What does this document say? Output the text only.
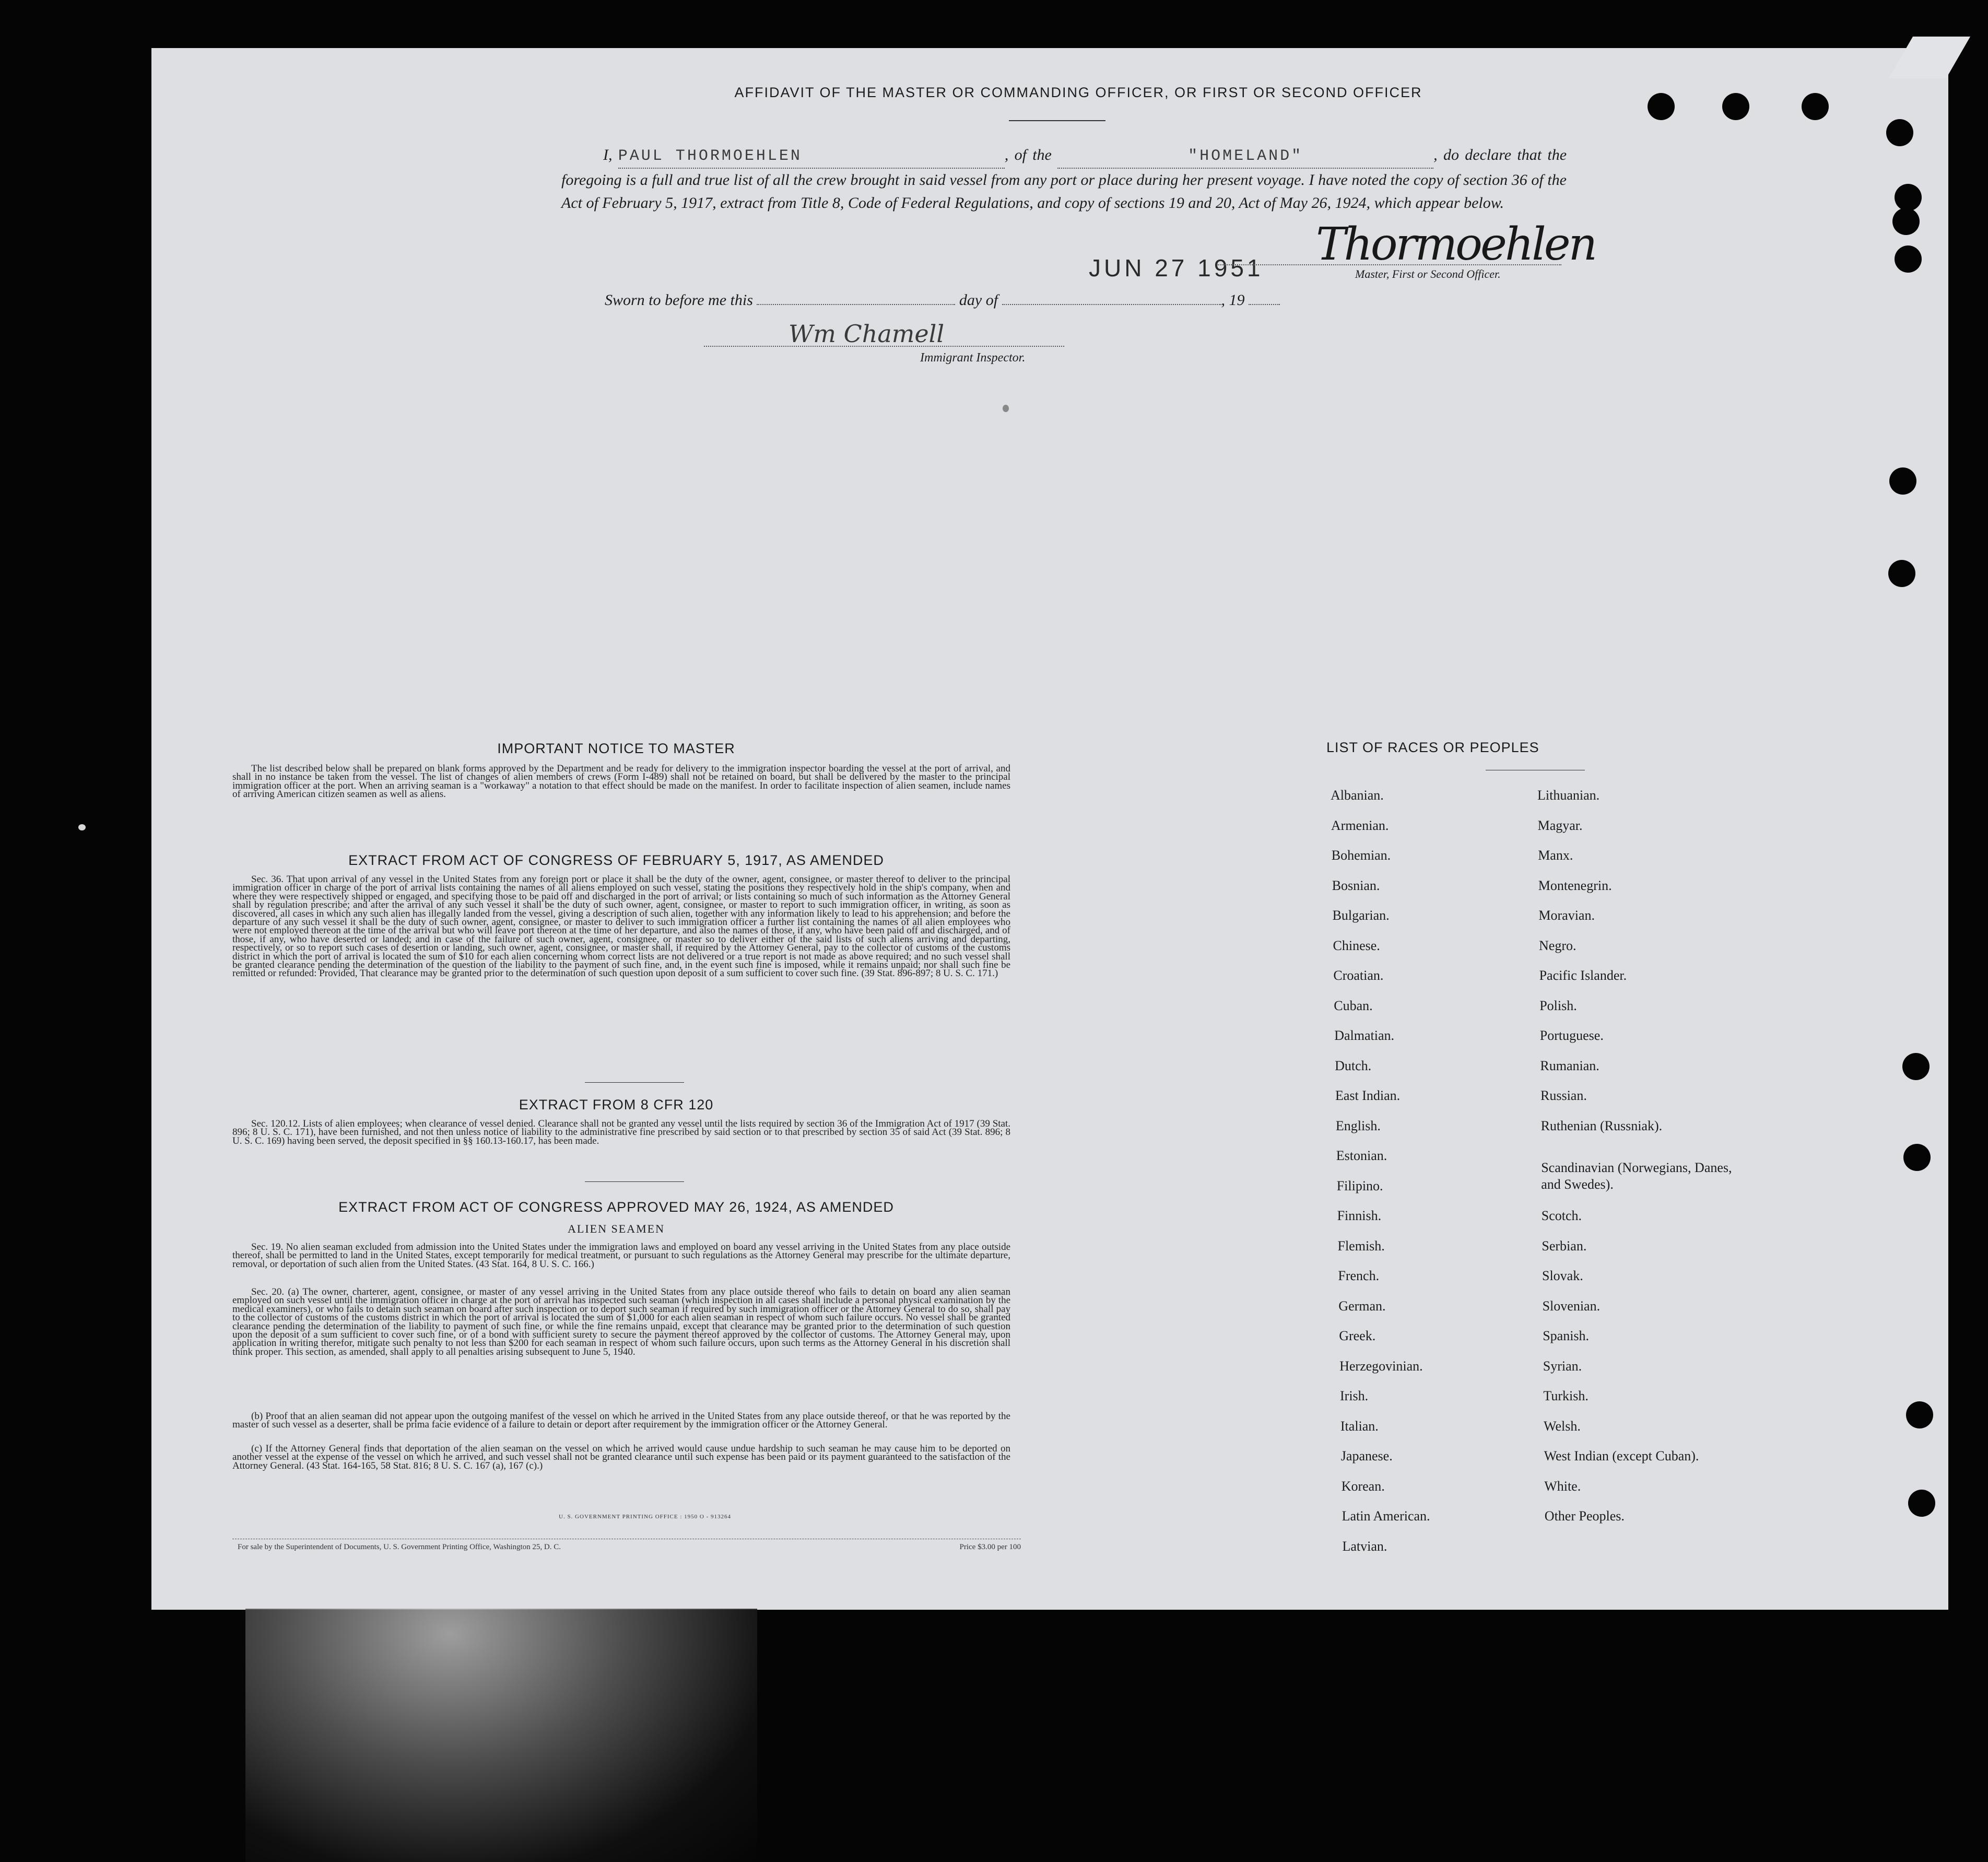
AFFIDAVIT OF THE MASTER OR COMMANDING OFFICER, OR FIRST OR SECOND OFFICER
I, PAUL THORMOEHLEN	, of the	"HOMELAND"	, do declare that the foregoing is a full and true list of all the crew brought in said vessel from any port or place during her present voyage. I have noted the copy of section 36 of the Act of February 5, 1917, extract from Title 8, Code of Federal Regulations, and copy of sections 19 and 20, Act of May 26, 1924, which appear below.
JUN 27 1951 Thormoehlen
Master, First or Second Officer.
Sworn to before me this	day of	, 19
Wm Chamell
Immigrant Inspector.
IMPORTANT NOTICE TO MASTER
The list described below shall be prepared on blank forms approved by the Department and be ready for delivery to the immigration inspector boarding the vessel at the port of arrival, and shall in no instance be taken from the vessel. The list of changes of alien members of crews (Form I-489) shall not be retained on board, but shall be delivered by the master to the principal immigration officer at the port. When an arriving seaman is a "workaway" a notation to that effect should be made on the manifest. In order to facilitate inspection of alien seamen, include names of arriving American citizen seamen as well as aliens.
EXTRACT FROM ACT OF CONGRESS OF FEBRUARY 5, 1917, AS AMENDED
Sec. 36. That upon arrival of any vessel in the United States from any foreign port or place it shall be the duty of the owner, agent, consignee, or master thereof to deliver to the principal immigration officer in charge of the port of arrival lists containing the names of all aliens employed on such vessel, stating the positions they respectively hold in the ship's company, when and where they were respectively shipped or engaged, and specifying those to be paid off and discharged in the port of arrival; or lists containing so much of such information as the Attorney General shall by regulation prescribe; and after the arrival of any such vessel it shall be the duty of such owner, agent, consignee, or master to report to such immigration officer, in writing, as soon as discovered, all cases in which any such alien has illegally landed from the vessel, giving a description of such alien, together with any information likely to lead to his apprehension; and before the departure of any such vessel it shall be the duty of such owner, agent, consignee, or master to deliver to such immigration officer a further list containing the names of all alien employees who were not employed thereon at the time of the arrival but who will leave port thereon at the time of her departure, and also the names of those, if any, who have been paid off and discharged, and of those, if any, who have deserted or landed; and in case of the failure of such owner, agent, consignee, or master so to deliver either of the said lists of such aliens arriving and departing, respectively, or so to report such cases of desertion or landing, such owner, agent, consignee, or master shall, if required by the Attorney General, pay to the collector of customs of the customs district in which the port of arrival is located the sum of $10 for each alien concerning whom correct lists are not delivered or a true report is not made as above required; and no such vessel shall be granted clearance pending the determination of the question of the liability to the payment of such fine, and, in the event such fine is imposed, while it remains unpaid; nor shall such fine be remitted or refunded: Provided, That clearance may be granted prior to the determination of such question upon deposit of a sum sufficient to cover such fine. (39 Stat. 896-897; 8 U. S. C. 171.)
EXTRACT FROM 8 CFR 120
Sec. 120.12. Lists of alien employees; when clearance of vessel denied. Clearance shall not be granted any vessel until the lists required by section 36 of the Immigration Act of 1917 (39 Stat. 896; 8 U. S. C. 171), have been furnished, and not then unless notice of liability to the administrative fine prescribed by said section or to that prescribed by section 35 of said Act (39 Stat. 896; 8 U. S. C. 169) having been served, the deposit specified in §§ 160.13-160.17, has been made.
EXTRACT FROM ACT OF CONGRESS APPROVED MAY 26, 1924, AS AMENDED
ALIEN SEAMEN
Sec. 19. No alien seaman excluded from admission into the United States under the immigration laws and employed on board any vessel arriving in the United States from any place outside thereof, shall be permitted to land in the United States, except temporarily for medical treatment, or pursuant to such regulations as the Attorney General may prescribe for the ultimate departure, removal, or deportation of such alien from the United States. (43 Stat. 164, 8 U. S. C. 166.)
Sec. 20. (a) The owner, charterer, agent, consignee, or master of any vessel arriving in the United States from any place outside thereof who fails to detain on board any alien seaman employed on such vessel until the immigration officer in charge at the port of arrival has inspected such seaman (which inspection in all cases shall include a personal physical examination by the medical examiners), or who fails to detain such seaman on board after such inspection or to deport such seaman if required by such immigration officer or the Attorney General to do so, shall pay to the collector of customs of the customs district in which the port of arrival is located the sum of $1,000 for each alien seaman in respect of whom such failure occurs. No vessel shall be granted clearance pending the determination of the liability to payment of such fine, or while the fine remains unpaid, except that clearance may be granted prior to the determination of such question upon the deposit of a sum sufficient to cover such fine, or of a bond with sufficient surety to secure the payment thereof approved by the collector of customs. The Attorney General may, upon application in writing therefor, mitigate such penalty to not less than $200 for each seaman in respect of whom such failure occurs, upon such terms as the Attorney General in his discretion shall think proper. This section, as amended, shall apply to all penalties arising subsequent to June 5, 1940.
(b) Proof that an alien seaman did not appear upon the outgoing manifest of the vessel on which he arrived in the United States from any place outside thereof, or that he was reported by the master of such vessel as a deserter, shall be prima facie evidence of a failure to detain or deport after requirement by the immigration officer or the Attorney General.
(c) If the Attorney General finds that deportation of the alien seaman on the vessel on which he arrived would cause undue hardship to such seaman he may cause him to be deported on another vessel at the expense of the vessel on which he arrived, and such vessel shall not be granted clearance until such expense has been paid or its payment guaranteed to the satisfaction of the Attorney General. (43 Stat. 164-165, 58 Stat. 816; 8 U. S. C. 167 (a), 167 (c).)
U. S. GOVERNMENT PRINTING OFFICE : 1950 O - 913264
For sale by the Superintendent of Documents, U. S. Government Printing Office, Washington 25, D. C.	Price $3.00 per 100
LIST OF RACES OR PEOPLES
Albanian.
Armenian.
Bohemian.
Bosnian.
Bulgarian.
Chinese.
Croatian.
Cuban.
Dalmatian.
Dutch.
East Indian.
English.
Estonian.
Filipino.
Finnish.
Flemish.
French.
German.
Greek.
Herzegovinian.
Irish.
Italian.
Japanese.
Korean.
Latin American.
Latvian.
Lithuanian.
Magyar.
Manx.
Montenegrin.
Moravian.
Negro.
Pacific Islander.
Polish.
Portuguese.
Rumanian.
Russian.
Ruthenian (Russniak).
Scandinavian (Norwegians, Danes, and Swedes).
Scotch.
Serbian.
Slovak.
Slovenian.
Spanish.
Syrian.
Turkish.
Welsh.
West Indian (except Cuban).
White.
Other Peoples.
